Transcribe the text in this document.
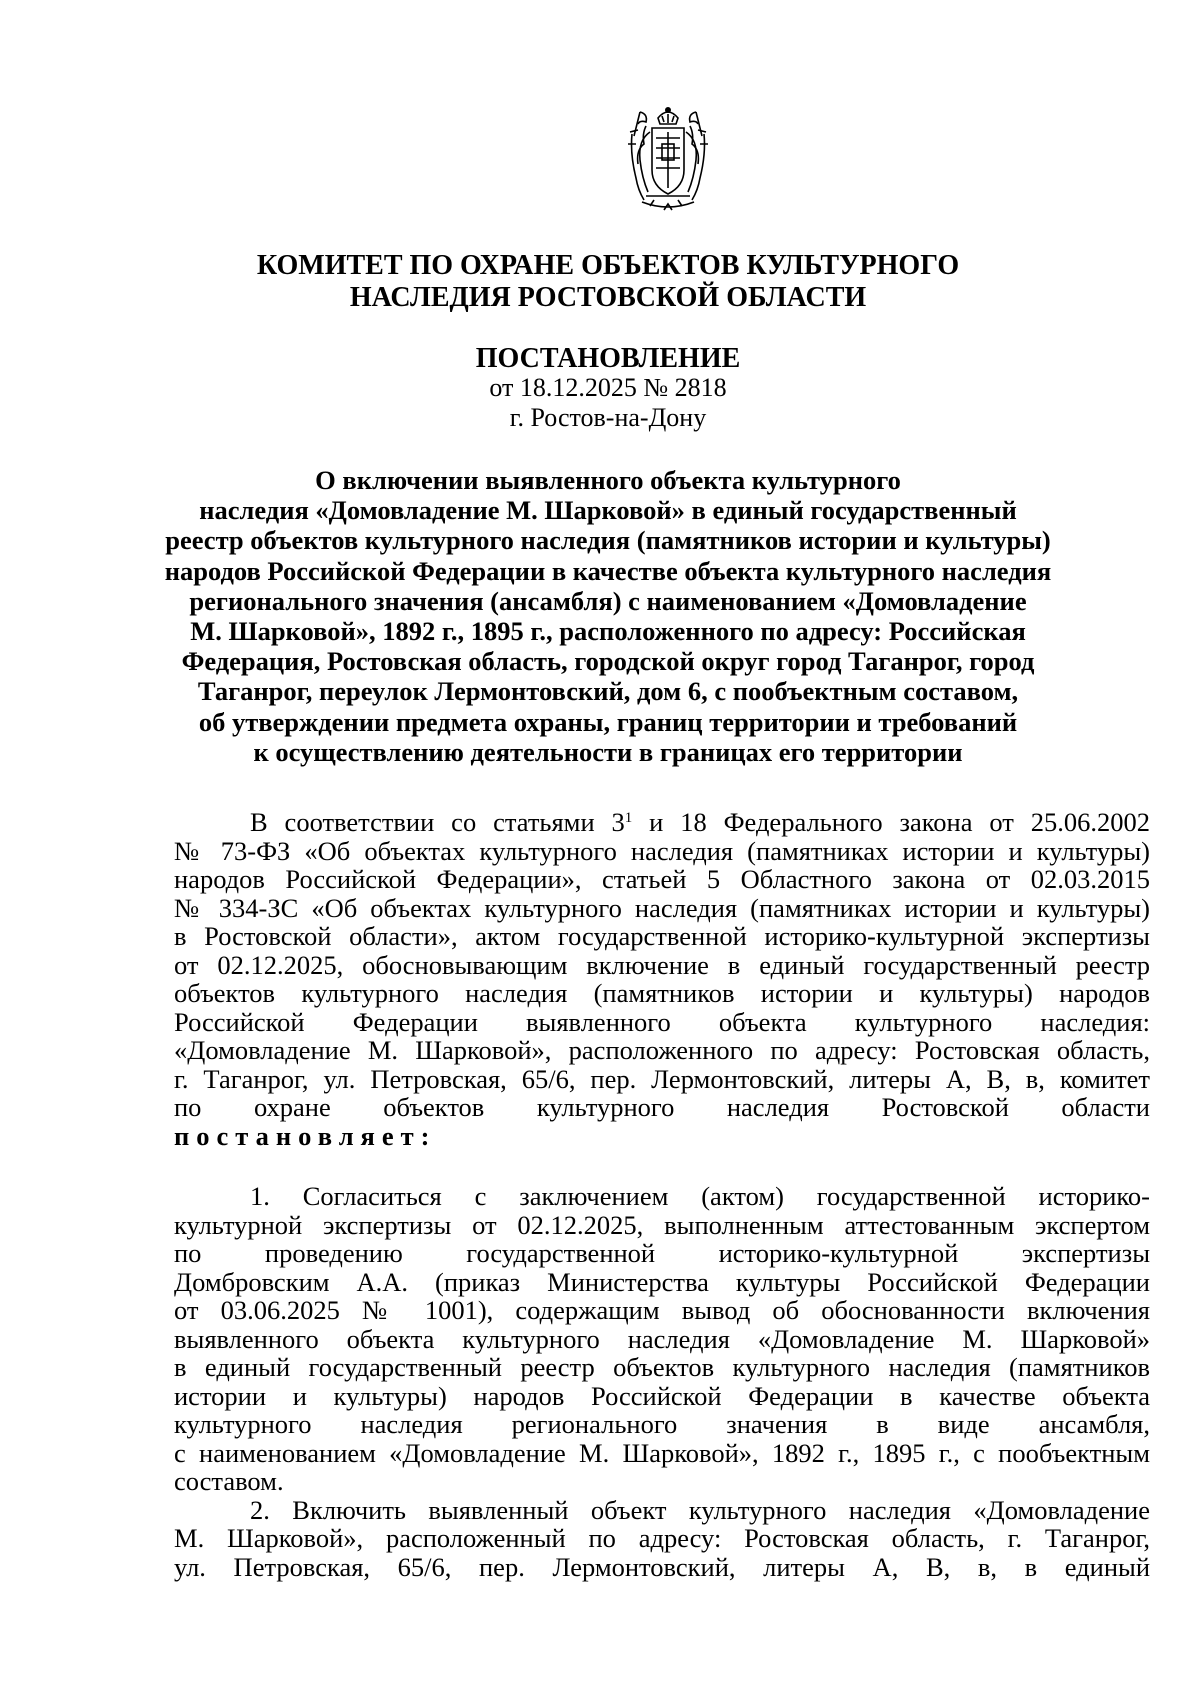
КОМИТЕТ ПО ОХРАНЕ ОБЪЕКТОВ КУЛЬТУРНОГО
НАСЛЕДИЯ РОСТОВСКОЙ ОБЛАСТИ
ПОСТАНОВЛЕНИЕ
от 18.12.2025 № 2818
г. Ростов-на-Дону
О включении выявленного объекта культурного
наследия «Домовладение М. Шарковой» в единый государственный
реестр объектов культурного наследия (памятников истории и культуры)
народов Российской Федерации в качестве объекта культурного наследия
регионального значения (ансамбля) с наименованием «Домовладение
М. Шарковой», 1892 г., 1895 г., расположенного по адресу: Российская
Федерация, Ростовская область, городской округ город Таганрог, город
Таганрог, переулок Лермонтовский, дом 6, с пообъектным составом,
об утверждении предмета охраны, границ территории и требований
к осуществлению деятельности в границах его территории
В соответствии со статьями $3^1$ и 18 Федерального закона от 25.06.2002
№ 73-ФЗ «Об объектах культурного наследия (памятниках истории и культуры)
народов Российской Федерации», статьей 5 Областного закона от 02.03.2015
№ 334-ЗС «Об объектах культурного наследия (памятниках истории и культуры)
в Ростовской области», актом государственной историко-культурной экспертизы
от 02.12.2025, обосновывающим включение в единый государственный реестр
объектов культурного наследия (памятников истории и культуры) народов
Российской Федерации выявленного объекта культурного наследия:
«Домовладение М. Шарковой», расположенного по адресу: Ростовская область,
г. Таганрог, ул. Петровская, 65/6, пер. Лермонтовский, литеры А, В, в, комитет
по охране объектов культурного наследия Ростовской области
постановляет:
1. Согласиться с заключением (актом) государственной историко-
культурной экспертизы от 02.12.2025, выполненным аттестованным экспертом
по проведению государственной историко-культурной экспертизы
Домбровским А.А. (приказ Министерства культуры Российской Федерации
от 03.06.2025 № 1001), содержащим вывод об обоснованности включения
выявленного объекта культурного наследия «Домовладение М. Шарковой»
в единый государственный реестр объектов культурного наследия (памятников
истории и культуры) народов Российской Федерации в качестве объекта
культурного наследия регионального значения в виде ансамбля,
с наименованием «Домовладение М. Шарковой», 1892 г., 1895 г., с пообъектным
составом.
2. Включить выявленный объект культурного наследия «Домовладение
М. Шарковой», расположенный по адресу: Ростовская область, г. Таганрог,
ул. Петровская, 65/6, пер. Лермонтовский, литеры А, В, в, в единый
